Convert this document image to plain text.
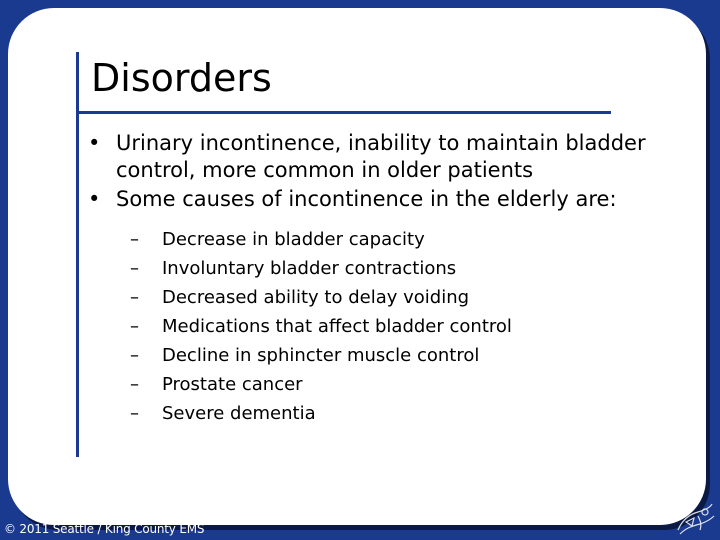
Disorders
• Urinary incontinence, inability to maintain bladder control, more common in older patients
• Some causes of incontinence in the elderly are:
– Decrease in bladder capacity
– Involuntary bladder contractions
– Decreased ability to delay voiding
– Medications that affect bladder control
– Decline in sphincter muscle control
– Prostate cancer
– Severe dementia
© 2011 Seattle / King County EMS
